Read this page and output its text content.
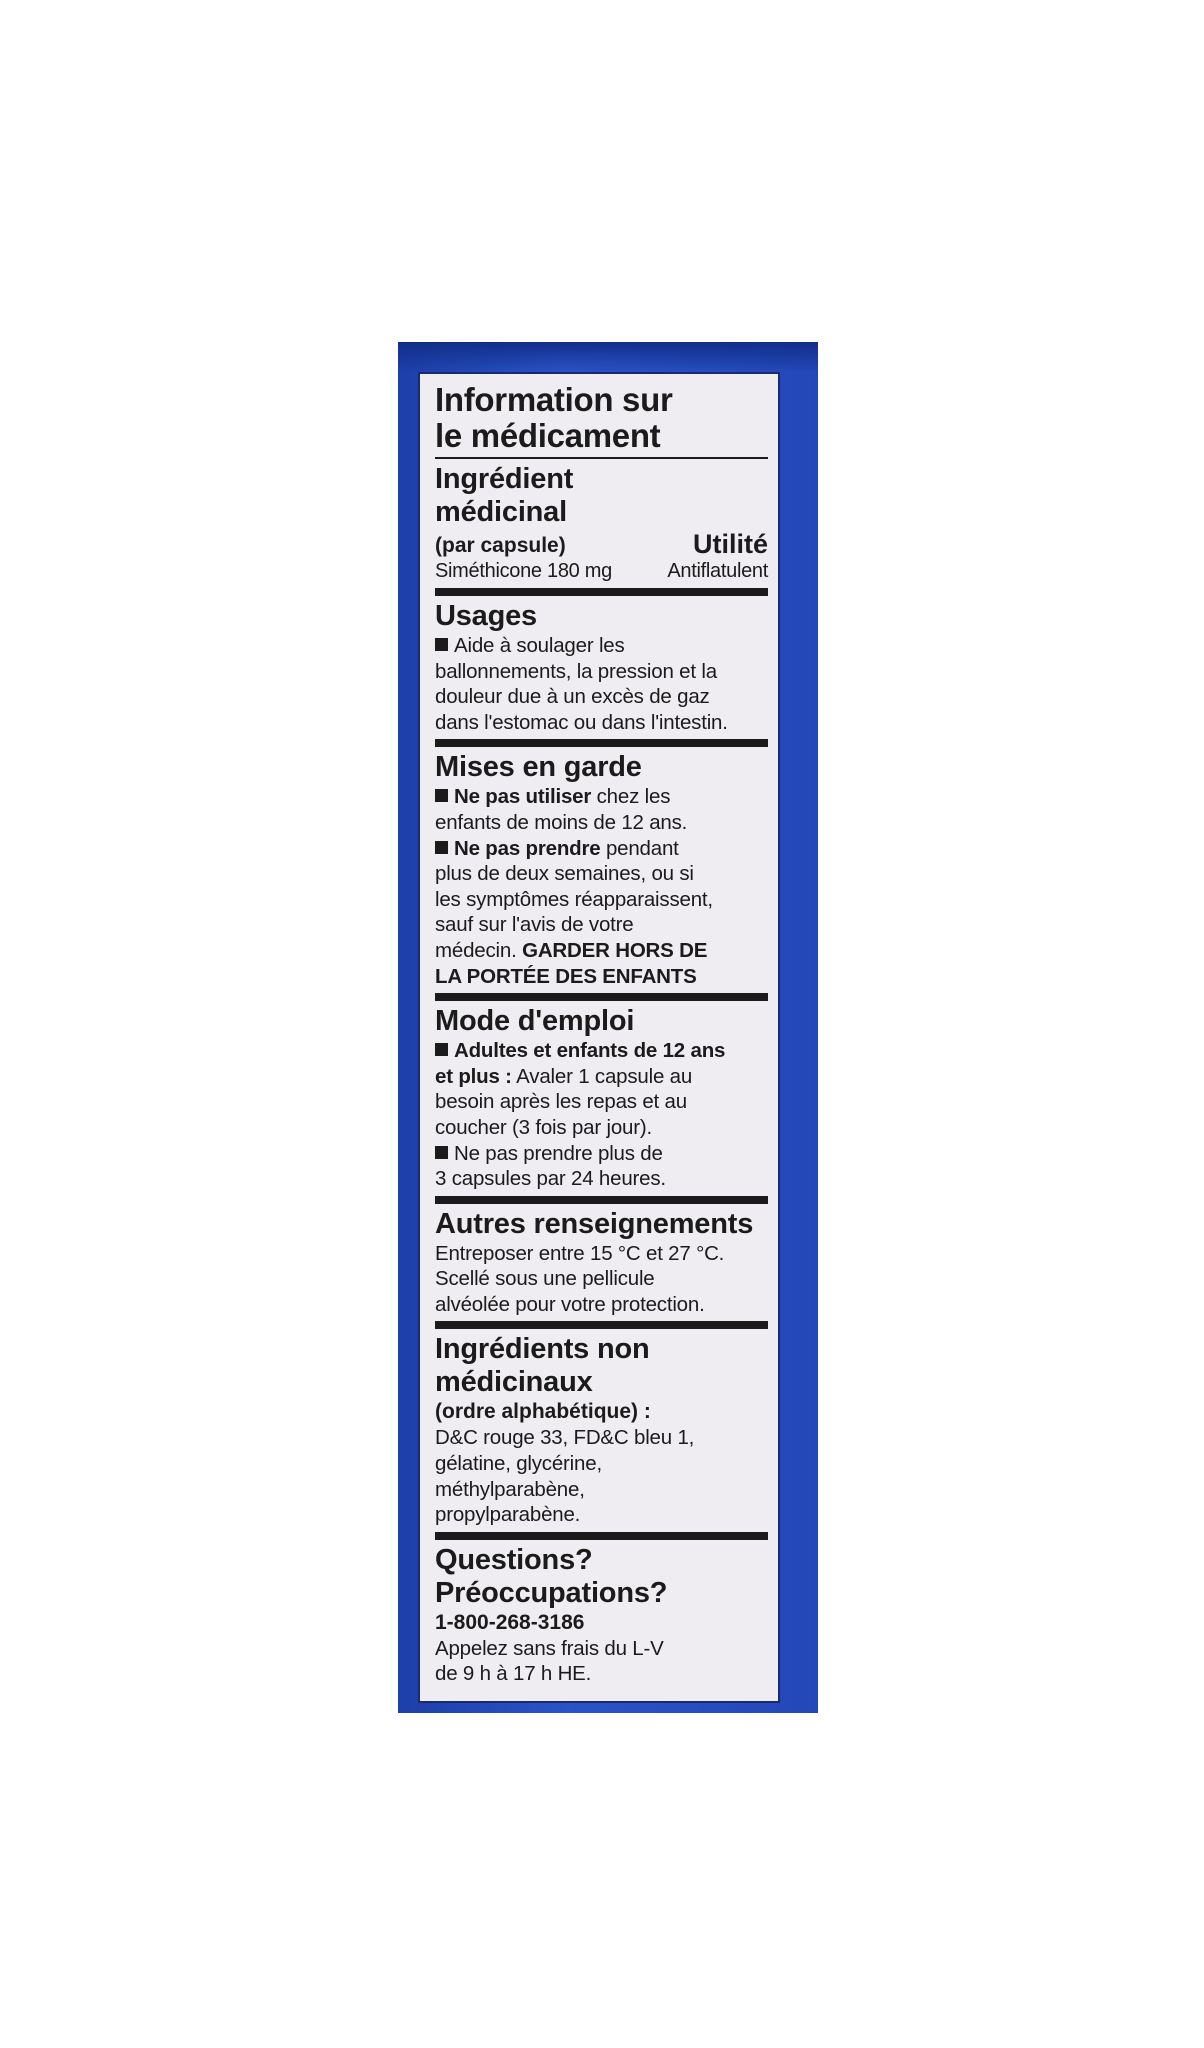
Information sur
le médicament
Ingrédient
médicinal
(par capsule)	Utilité
Siméthicone 180 mg	Antiflatulent
Usages
Aide à soulager les
ballonnements, la pression et la
douleur due à un excès de gaz
dans l'estomac ou dans l'intestin.
Mises en garde
Ne pas utiliser chez les
enfants de moins de 12 ans.
Ne pas prendre pendant
plus de deux semaines, ou si
les symptômes réapparaissent,
sauf sur l'avis de votre
médecin. GARDER HORS DE
LA PORTÉE DES ENFANTS
Mode d'emploi
Adultes et enfants de 12 ans
et plus : Avaler 1 capsule au
besoin après les repas et au
coucher (3 fois par jour).
Ne pas prendre plus de
3 capsules par 24 heures.
Autres renseignements
Entreposer entre 15 °C et 27 °C.
Scellé sous une pellicule
alvéolée pour votre protection.
Ingrédients non
médicinaux
(ordre alphabétique) :
D&C rouge 33, FD&C bleu 1,
gélatine, glycérine,
méthylparabène,
propylparabène.
Questions?
Préoccupations?
1-800-268-3186
Appelez sans frais du L-V
de 9 h à 17 h HE.
